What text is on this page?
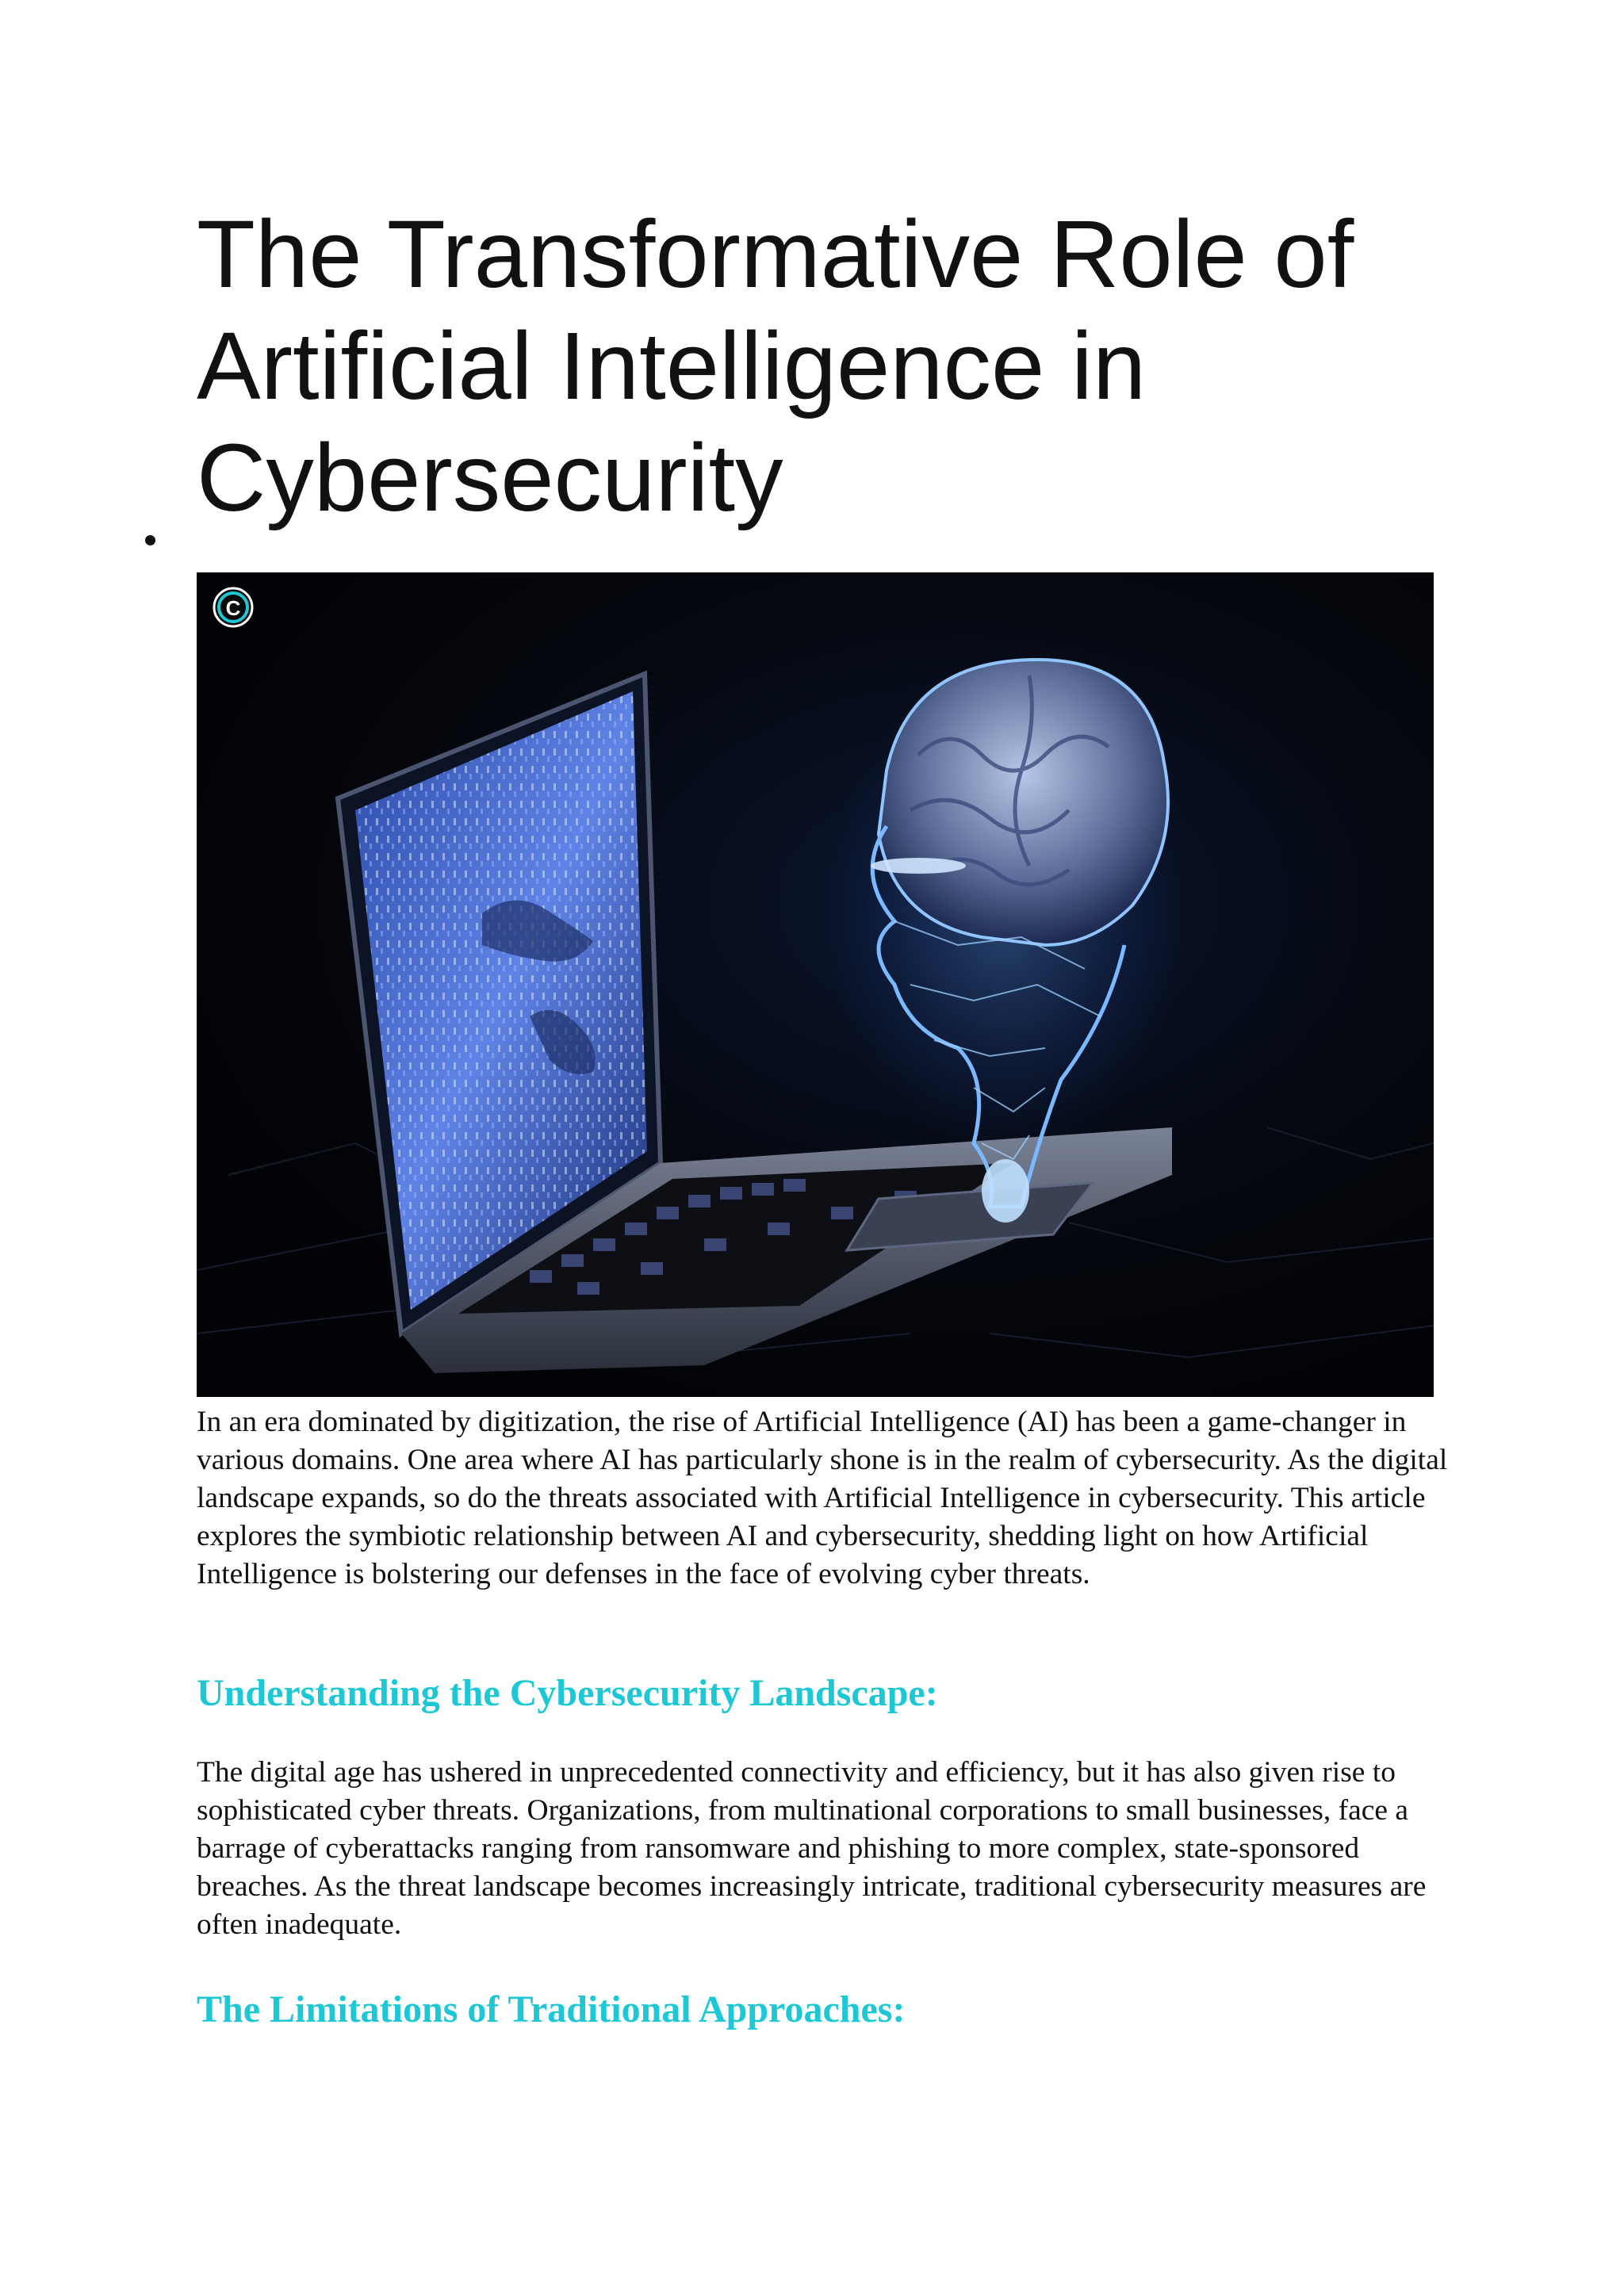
The Transformative Role of Artificial Intelligence in Cybersecurity
C

In an era dominated by digitization, the rise of Artificial Intelligence (AI) has been a game-changer in various domains. One area where AI has particularly shone is in the realm of cybersecurity. As the digital landscape expands, so do the threats associated with Artificial Intelligence in cybersecurity. This article explores the symbiotic relationship between AI and cybersecurity, shedding light on how Artificial Intelligence is bolstering our defenses in the face of evolving cyber threats.

Understanding the Cybersecurity Landscape:

The digital age has ushered in unprecedented connectivity and efficiency, but it has also given rise to sophisticated cyber threats. Organizations, from multinational corporations to small businesses, face a barrage of cyberattacks ranging from ransomware and phishing to more complex, state-sponsored breaches. As the threat landscape becomes increasingly intricate, traditional cybersecurity measures are often inadequate.

The Limitations of Traditional Approaches:
